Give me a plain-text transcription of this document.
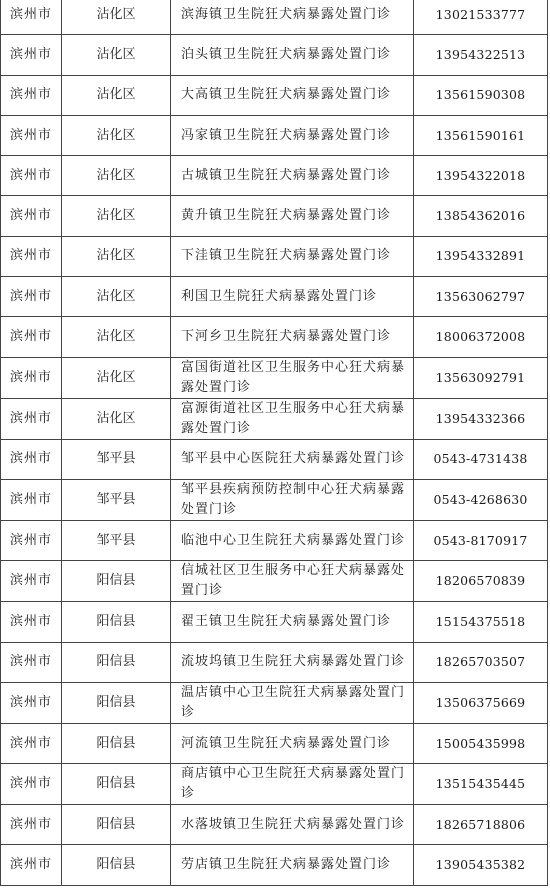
滨州市	沾化区	滨海镇卫生院狂犬病暴露处置门诊	13021533777
滨州市	沾化区	泊头镇卫生院狂犬病暴露处置门诊	13954322513
滨州市	沾化区	大高镇卫生院狂犬病暴露处置门诊	13561590308
滨州市	沾化区	冯家镇卫生院狂犬病暴露处置门诊	13561590161
滨州市	沾化区	古城镇卫生院狂犬病暴露处置门诊	13954322018
滨州市	沾化区	黄升镇卫生院狂犬病暴露处置门诊	13854362016
滨州市	沾化区	下洼镇卫生院狂犬病暴露处置门诊	13954332891
滨州市	沾化区	利国卫生院狂犬病暴露处置门诊	13563062797
滨州市	沾化区	下河乡卫生院狂犬病暴露处置门诊	18006372008
滨州市	沾化区	富国街道社区卫生服务中心狂犬病暴露处置门诊	13563092791
滨州市	沾化区	富源街道社区卫生服务中心狂犬病暴露处置门诊	13954332366
滨州市	邹平县	邹平县中心医院狂犬病暴露处置门诊	0543-4731438
滨州市	邹平县	邹平县疾病预防控制中心狂犬病暴露处置门诊	0543-4268630
滨州市	邹平县	临池中心卫生院狂犬病暴露处置门诊	0543-8170917
滨州市	阳信县	信城社区卫生服务中心狂犬病暴露处置门诊	18206570839
滨州市	阳信县	翟王镇卫生院狂犬病暴露处置门诊	15154375518
滨州市	阳信县	流坡坞镇卫生院狂犬病暴露处置门诊	18265703507
滨州市	阳信县	温店镇中心卫生院狂犬病暴露处置门诊	13506375669
滨州市	阳信县	河流镇卫生院狂犬病暴露处置门诊	15005435998
滨州市	阳信县	商店镇中心卫生院狂犬病暴露处置门诊	13515435445
滨州市	阳信县	水落坡镇卫生院狂犬病暴露处置门诊	18265718806
滨州市	阳信县	劳店镇卫生院狂犬病暴露处置门诊	13905435382
